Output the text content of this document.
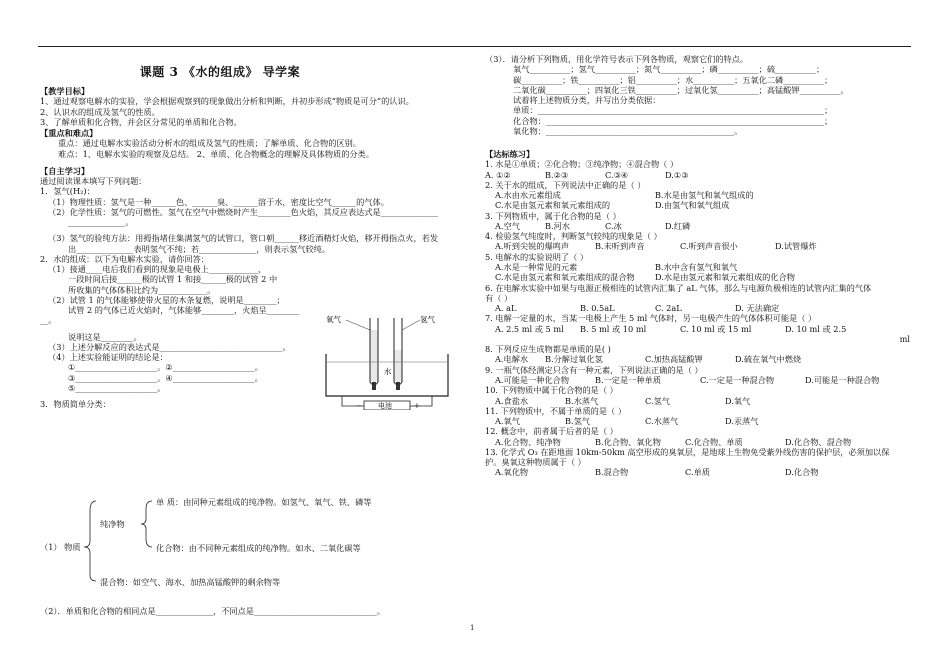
课题 3 《水的组成》 导学案
【教学目标】
1、通过观察电解水的实验，学会根据观察到的现象做出分析和判断，并初步形成“物质是可分”的认识。
2、认识水的组成及氢气的性质。
3、了解单质和化合物，并会区分常见的单质和化合物。
【重点和难点】
重点：通过电解水实验活动分析水的组成及氢气的性质；了解单质、化合物的区别。
难点：1、电解水实验的观察及总结。 2、单质、化合物概念的理解及具体物质的分类。
【自主学习】
通过阅读课本填写下列问题：
1．氢气(H₂)：
（1）物理性质：氢气是一种______色、______臭、______溶于水，密度比空气______的气体。
（2）化学性质：氢气的可燃性。氢气在空气中燃烧时产生________色火焰，其反应表达式是______________
______________。
（3）氢气的验纯方法：用拇指堵住集满氢气的试管口，管口朝______移近酒精灯火焰，移开拇指点火，若发
出______________表明氢气不纯；若______________，则表示氢气较纯。
2．水的组成：以下为电解水实验，请你回答：
（1）接通____电后我们看到的现象是电极上____________，
一段时间后接______极的试管 1 和接______极的试管 2 中
所收集的气体体积比约为____________。
（2）试管 1 的气体能够使带火星的木条复燃，说明是________；
试管 2 的气体已近火焰时，气体能够________，火焰呈________
__。
说明这是________。
（3）上述分解反应的表达式是______________________________。
（4）上述实验能证明的结论是：
①____________________。②____________________。
③____________________。④____________________。
⑤____________________。
3．物质简单分类：
氧气	氢气
水
电池
−	+
（1） 物质
纯净物
单 质：由同种元素组成的纯净物。如氢气、氧气、铁、磷等
化合物：由不同种元素组成的纯净物。如水、二氧化碳等
混合物：如空气、海水、加热高锰酸钾的剩余物等
（2）．单质和化合物的相同点是______________，不同点是______________________________。
（3）．请分析下列物质，用化学符号表示下列各物质，观察它们的特点。
氧气__________；氢气__________；氮气__________；磷__________；硫__________；
碳__________；铁__________；铝__________；水__________；五氧化二磷__________；
二氧化碳__________；四氧化三铁__________；过氧化氢__________；高锰酸钾__________。
试着将上述物质分类，并写出分类依据：
单质：______________________________________________________________________；
化合物：____________________________________________________________________；
氧化物：______________________________________________。
【达标练习】
1. 水是①单质；②化合物；③纯净物；④混合物（ ）
A. ①②	B.②③	C.③④	D.①③
2. 关于水的组成，下列说法中正确的是（ ）
A.水由水元素组成	B.水是由氢气和氧气组成的
C.水是由氢元素和氧元素组成的	D.由氢气和氧气组成
3. 下列物质中，属于化合物的是（ ）
A.空气	B.河水	C.冰	D.红磷
4. 检验氢气纯度时，判断氢气较纯的现象是（ ）
A.听到尖锐的爆鸣声	B.未听到声音	C.听到声音很小	D.试管爆炸
5. 电解水的实验说明了（ ）
A.水是一种常见的元素	B.水中含有氢气和氧气
C.水是由氢元素和氧元素组成的混合物 D.水是由氢元素和氧元素组成的化合物
6. 在电解水实验中如果与电源正极相连的试管内汇集了 aL 气体，那么与电源负极相连的试管内汇集的气体
有（ ）
A. aL	B. 0.5aL	C. 2aL	D. 无法确定
7. 电解一定量的水，当某一电极上产生 5 ml 气体时，另一电极产生的气体体积可能是（ ）
A. 2.5 ml 或 5 ml B. 5 ml 或 10 ml	C. 10 ml 或 15 ml	D. 10 ml 或 2.5
ml
8. 下列反应生成物都是单质的是( )
A.电解水 B.分解过氧化氢	C.加热高锰酸钾	D.硫在氧气中燃烧
9. 一瓶气体经测定只含有一种元素，下列说法正确的是（ ）
A.可能是一种化合物	B.一定是一种单质	C.一定是一种混合物	D.可能是一种混合物
10. 下列物质中属于化合物的是（ ）
A.食盐水	B.水蒸气	C.氢气	D.氧气
11. 下列物质中，不属于单质的是（ ）
A.氧气	B.氢气	C.水蒸气	D.汞蒸气
12. 概念中，前者属于后者的是（ ）
A.化合物、纯净物	B.化合物、氧化物	C.化合物、单质	D.化合物、混合物
13. 化学式 O₃ 在距地面 10km-50km 高空形成的臭氧层，是地球上生物免受紫外线伤害的保护层，必须加以保
护。臭氧这种物质属于（ ）
A.氧化物	B.混合物	C.单质	D.化合物
1
